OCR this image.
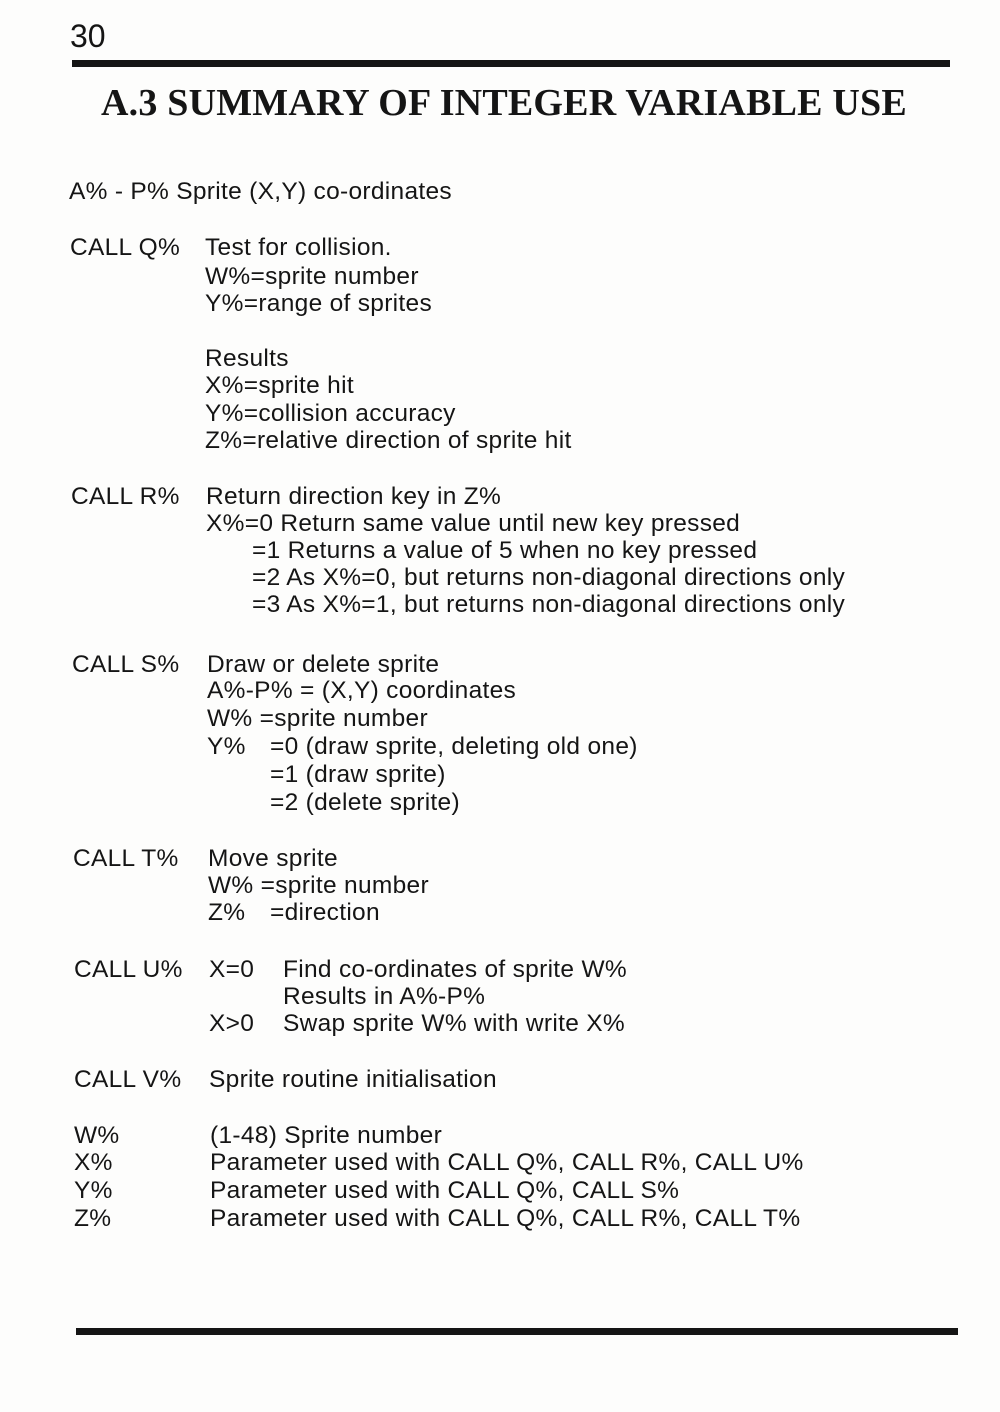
30
A.3 SUMMARY OF INTEGER VARIABLE USE
A% - P% Sprite (X,Y) co-ordinates
CALL Q% Test for collision.
W%=sprite number
Y%=range of sprites
Results
X%=sprite hit
Y%=collision accuracy
Z%=relative direction of sprite hit
CALL R% Return direction key in Z%
X%=0 Return same value until new key pressed
=1 Returns a value of 5 when no key pressed
=2 As X%=0, but returns non-diagonal directions only
=3 As X%=1, but returns non-diagonal directions only
CALL S% Draw or delete sprite
A%-P% = (X,Y) coordinates
W% =sprite number
Y% =0 (draw sprite, deleting old one)
=1 (draw sprite)
=2 (delete sprite)
CALL T% Move sprite
W% =sprite number
Z% =direction
CALL U% X=0 Find co-ordinates of sprite W%
Results in A%-P%
X>0 Swap sprite W% with write X%
CALL V% Sprite routine initialisation
W%	(1-48) Sprite number
X%	Parameter used with CALL Q%, CALL R%, CALL U%
Y%	Parameter used with CALL Q%, CALL S%
Z%	Parameter used with CALL Q%, CALL R%, CALL T%
